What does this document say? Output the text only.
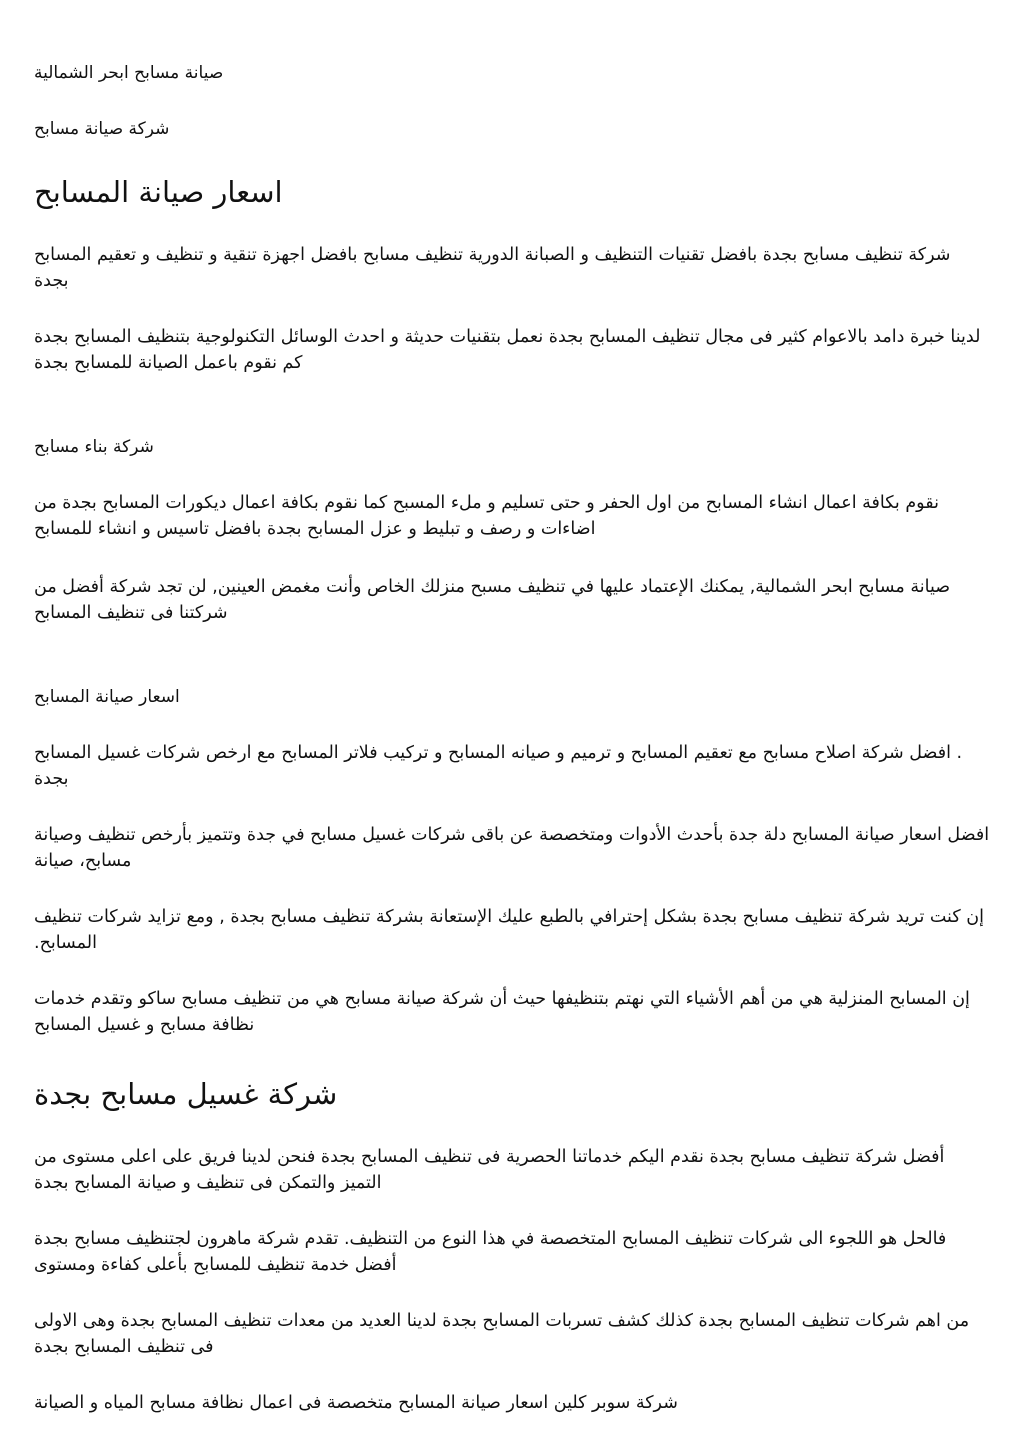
صيانة مسابح ابحر الشمالية

شركة صيانة مسابح

اسعار صيانة المسابح

شركة تنظيف مسابح بجدة بافضل تقنيات التنظيف و الصبانة الدورية تنظيف مسابح بافضل اجهزة تنقية و تنظيف و تعقيم المسابح بجدة

لدينا خبرة دامد بالاعوام كثير فى مجال تنظيف المسابح بجدة نعمل بتقنيات حديثة و احدث الوسائل التكنولوجية بتنظيف المسابح بجدة كم نقوم باعمل الصيانة للمسابح بجدة

شركة بناء مسابح

نقوم بكافة اعمال انشاء المسابح من اول الحفر و حتى تسليم و ملء المسبح كما نقوم بكافة اعمال ديكورات المسابح بجدة من اضاءات و رصف و تبليط و عزل المسابح بجدة بافضل تاسيس و انشاء للمسابح

صيانة مسابح ابحر الشمالية, يمكنك الإعتماد عليها في تنظيف مسبح منزلك الخاص وأنت مغمض العينين, لن تجد شركة أفضل من شركتنا فى تنظيف المسابح

اسعار صيانة المسابح

. افضل شركة اصلاح مسابح مع تعقيم المسابح و ترميم و صيانه المسابح و تركيب فلاتر المسابح مع ارخص شركات غسيل المسابح بجدة

افضل اسعار صيانة المسابح دلة جدة بأحدث الأدوات ومتخصصة عن باقى شركات غسيل مسابح في جدة وتتميز بأرخص تنظيف وصيانة مسابح، صيانة

إن كنت تريد شركة تنظيف مسابح بجدة بشكل إحترافي بالطبع عليك الإستعانة بشركة تنظيف مسابح بجدة , ومع تزايد شركات تنظيف المسابح.

إن المسابح المنزلية هي من أهم الأشياء التي نهتم بتنظيفها حيث أن شركة صيانة مسابح هي من تنظيف مسابح ساكو وتقدم خدمات نظافة مسابح و غسيل المسابح

شركة غسيل مسابح بجدة

أفضل شركة تنظيف مسابح بجدة نقدم اليكم خدماتنا الحصرية فى تنظيف المسابح بجدة فنحن لدينا فريق على اعلى مستوى من التميز والتمكن فى تنظيف و صيانة المسابح بجدة

فالحل هو اللجوء الى شركات تنظيف المسابح المتخصصة في هذا النوع من التنظيف. تقدم شركة ماهرون لجتنظيف مسابح بجدة أفضل خدمة تنظيف للمسابح بأعلى كفاءة ومستوى

من اهم شركات تنظيف المسابح بجدة كذلك كشف تسربات المسابح بجدة لدينا العديد من معدات تنظيف المسابح بجدة وهى الاولى فى تنظيف المسابح بجدة

شركة سوبر كلين اسعار صيانة المسابح متخصصة فى اعمال نظافة مسابح المياه و الصيانة
